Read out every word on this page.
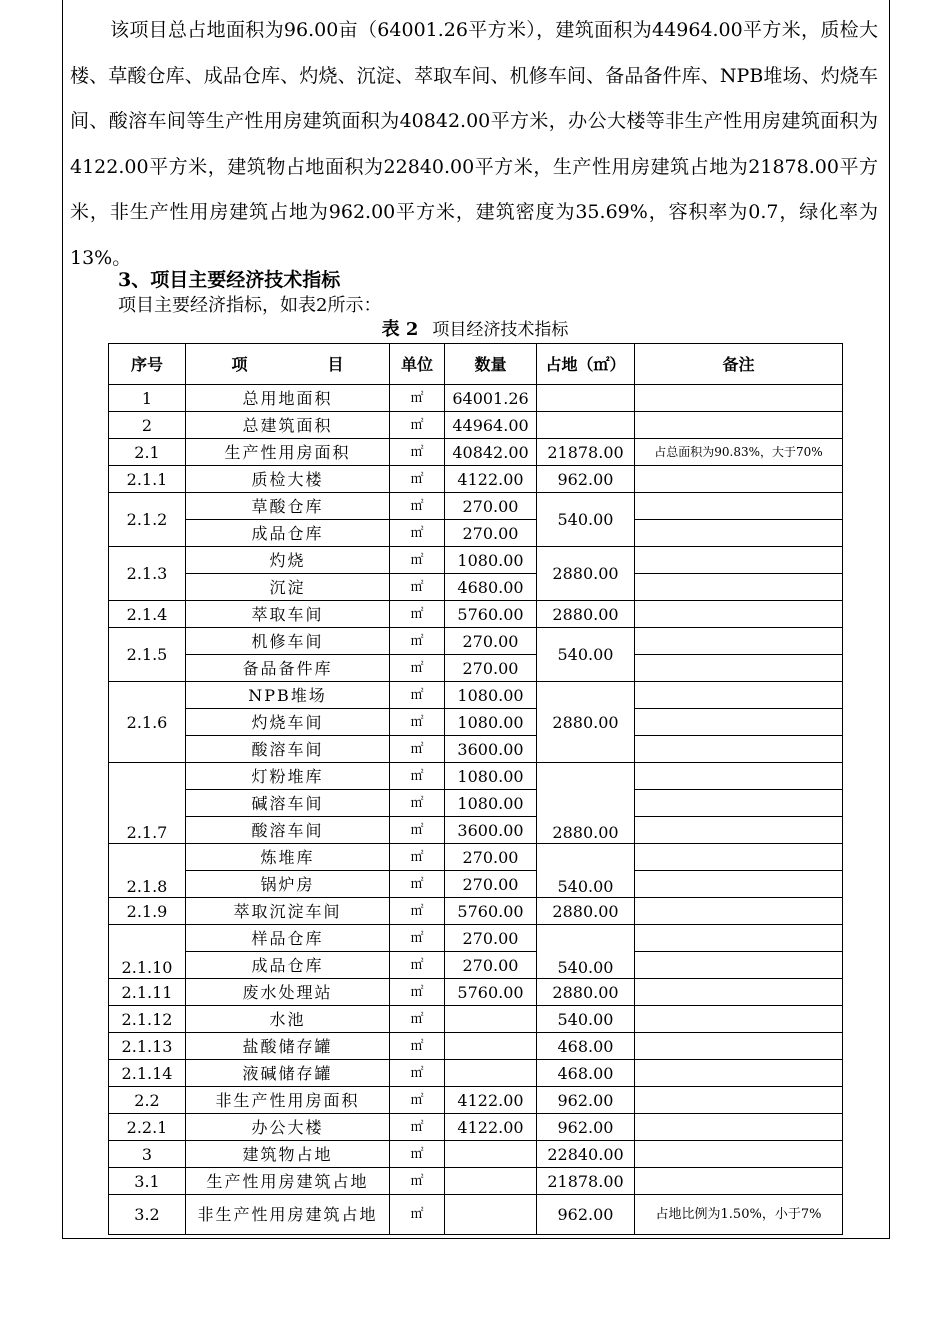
该项目总占地面积为96.00亩（64001.26平方米），建筑面积为44964.00平方米，质检大楼、草酸仓库、成品仓库、灼烧、沉淀、萃取车间、机修车间、备品备件库、NPB堆场、灼烧车间、酸溶车间等生产性用房建筑面积为40842.00平方米，办公大楼等非生产性用房建筑面积为4122.00平方米，建筑物占地面积为22840.00平方米，生产性用房建筑占地为21878.00平方米，非生产性用房建筑占地为962.00平方米，建筑密度为35.69%，容积率为0.7，绿化率为13%。
3、项目主要经济技术指标
项目主要经济指标，如表2所示：
表 2 项目经济技术指标
序号	项　　　　　目	单位	数量	占地（㎡）	备注
1	总用地面积	㎡	64001.26		
2	总建筑面积	㎡	44964.00		
2.1	生产性用房面积	㎡	40842.00	21878.00	占总面积为90.83%，大于70%
2.1.1	质检大楼	㎡	4122.00	962.00	
2.1.2	草酸仓库	㎡	270.00	540.00	
	成品仓库	㎡	270.00		
2.1.3	灼烧	㎡	1080.00	2880.00	
	沉淀	㎡	4680.00		
2.1.4	萃取车间	㎡	5760.00	2880.00	
2.1.5	机修车间	㎡	270.00	540.00	
	备品备件库	㎡	270.00		
2.1.6	NPB堆场	㎡	1080.00	2880.00	
	灼烧车间	㎡	1080.00		
	酸溶车间	㎡	3600.00		
2.1.7	灯粉堆库	㎡	1080.00	2880.00	
	碱溶车间	㎡	1080.00		
	酸溶车间	㎡	3600.00		
2.1.8	炼堆库	㎡	270.00	540.00	
	锅炉房	㎡	270.00		
2.1.9	萃取沉淀车间	㎡	5760.00	2880.00	
2.1.10	样品仓库	㎡	270.00	540.00	
	成品仓库	㎡	270.00		
2.1.11	废水处理站	㎡	5760.00	2880.00	
2.1.12	水池	㎡		540.00	
2.1.13	盐酸储存罐	㎡		468.00	
2.1.14	液碱储存罐	㎡		468.00	
2.2	非生产性用房面积	㎡	4122.00	962.00	
2.2.1	办公大楼	㎡	4122.00	962.00	
3	建筑物占地	㎡		22840.00	
3.1	生产性用房建筑占地	㎡		21878.00	
3.2	非生产性用房建筑占地	㎡		962.00	占地比例为1.50%，小于7%
